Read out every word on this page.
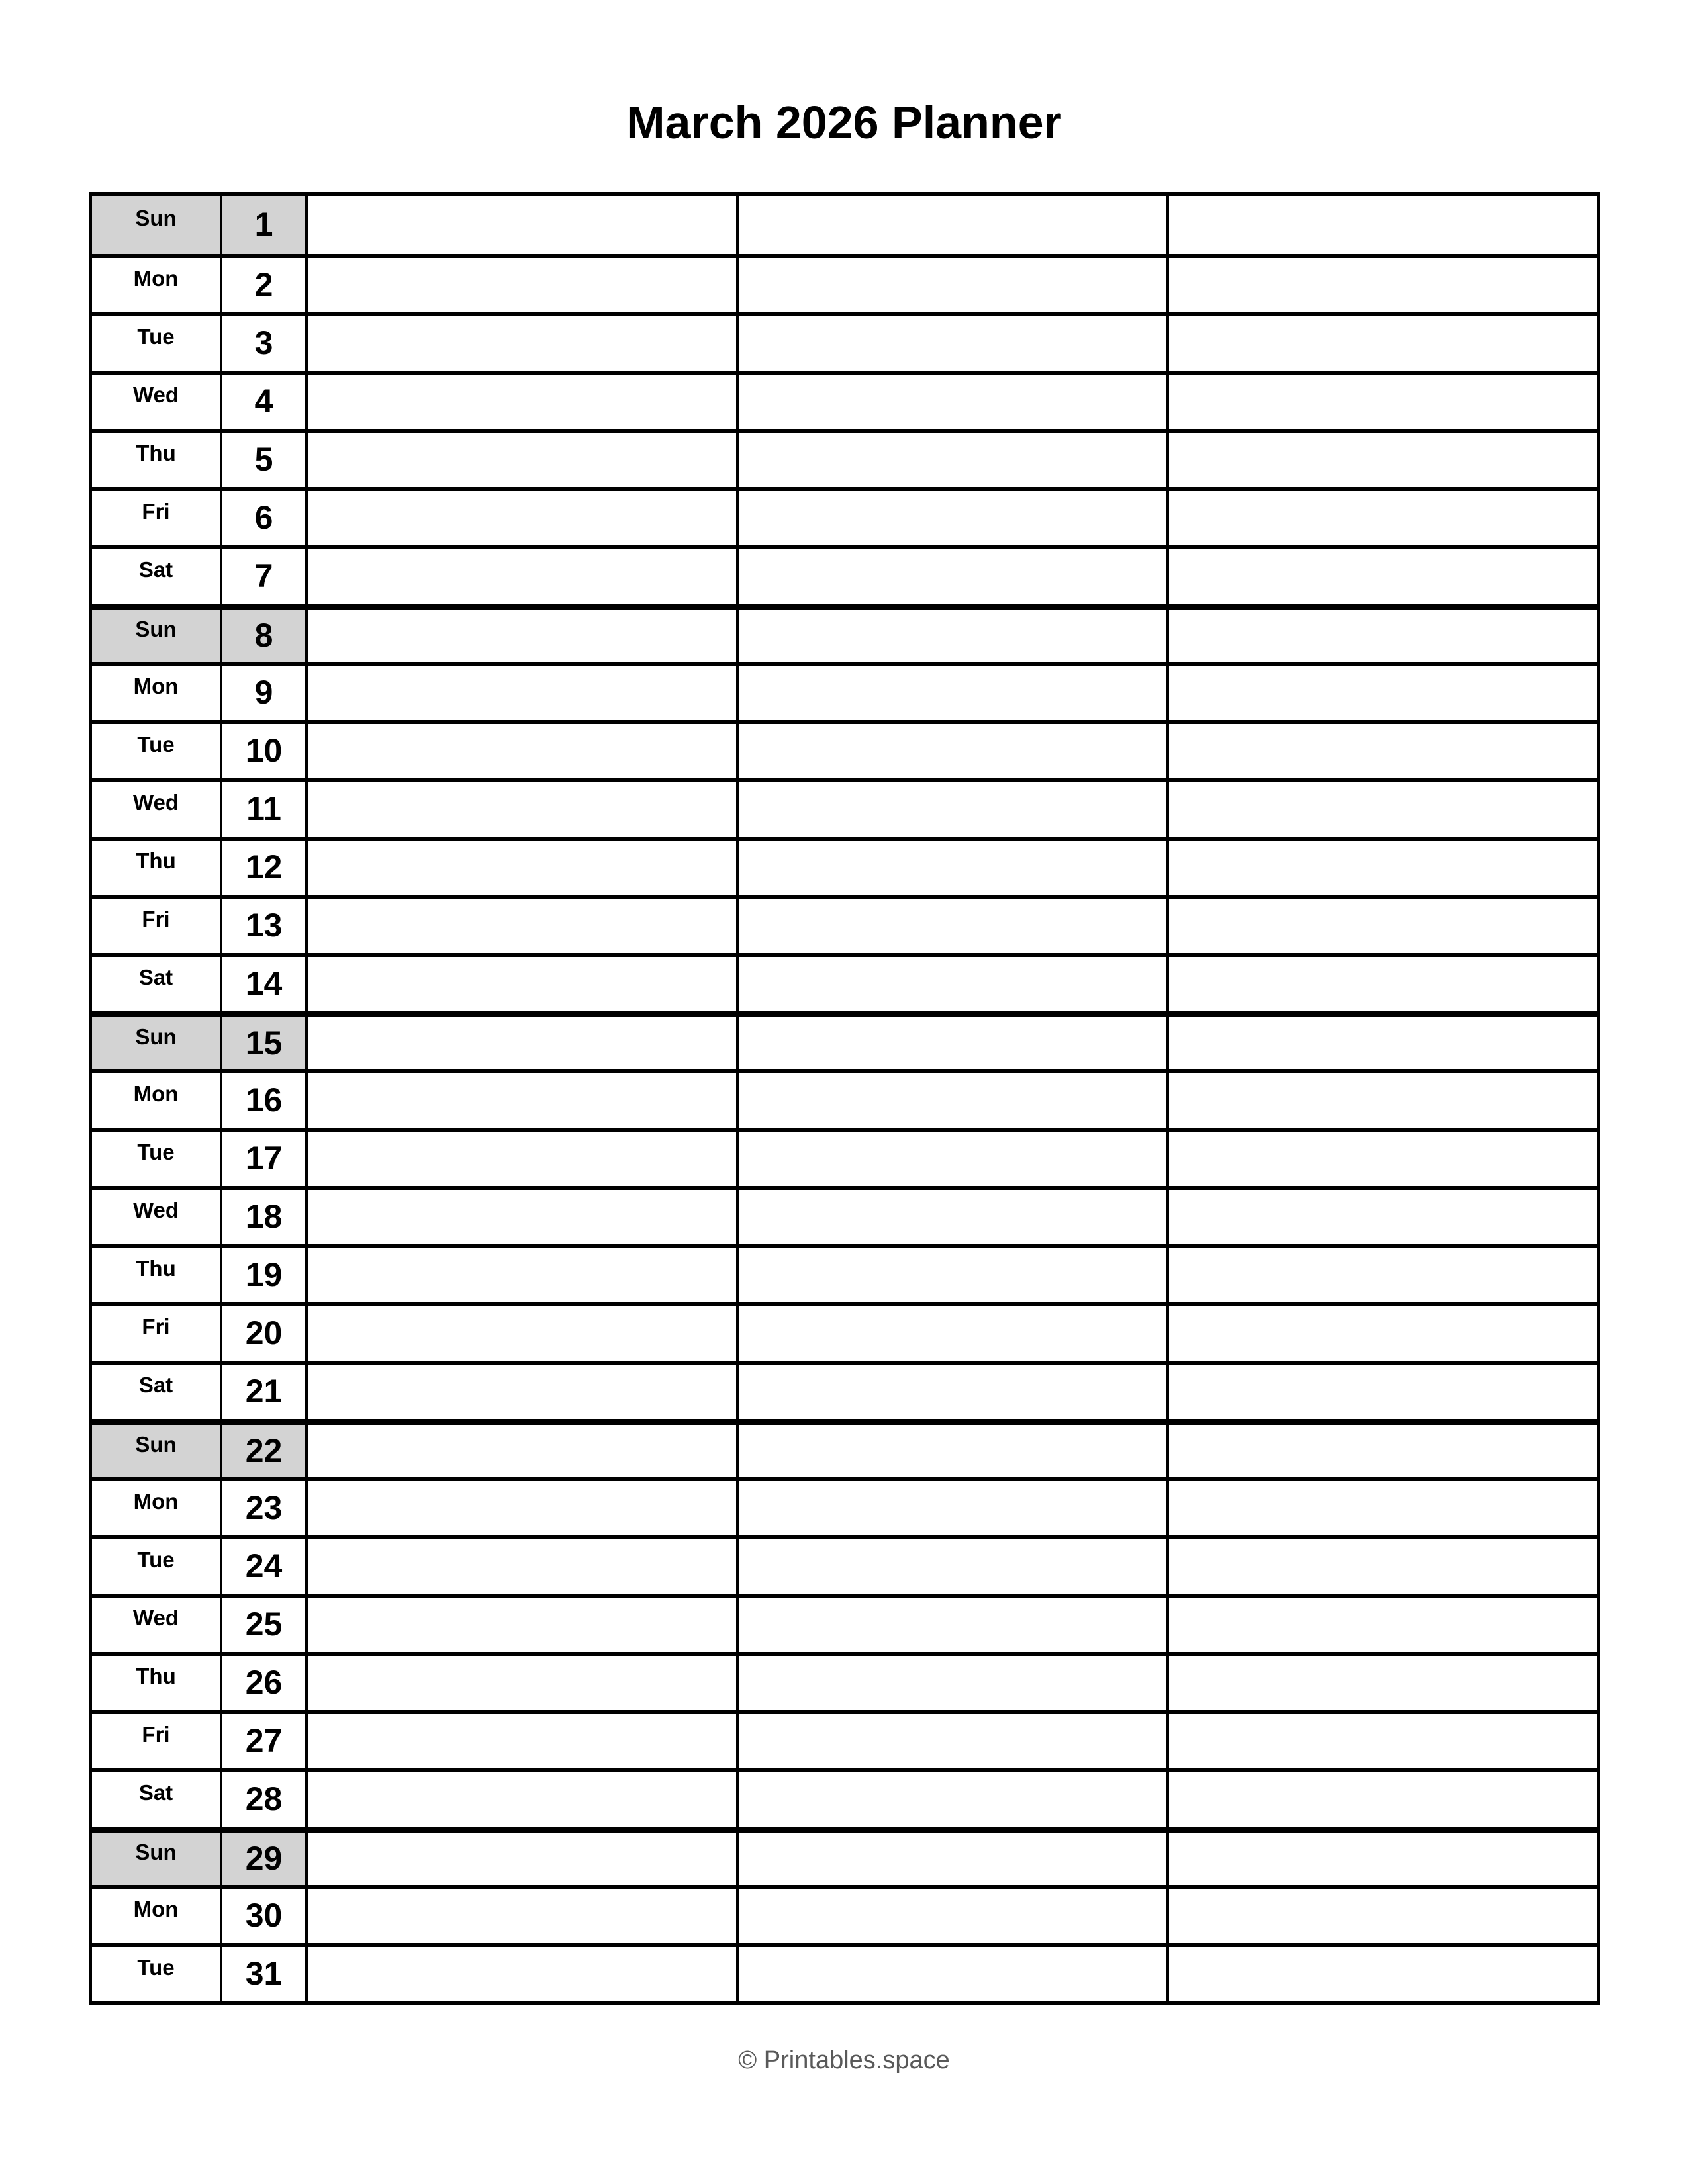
March 2026 Planner
Sun 1
Mon 2
Tue 3
Wed 4
Thu 5
Fri	6
Sat 7
Sun 8
Mon 9
Tue 10
Wed 11
Thu 12
Fri 13
Sat 14
Sun 15
Mon 16
Tue 17
Wed 18
Thu 19
Fri 20
Sat 21
Sun 22
Mon 23
Tue 24
Wed 25
Thu 26
Fri 27
Sat 28
Sun 29
Mon 30
Tue 31
© Printables.space
